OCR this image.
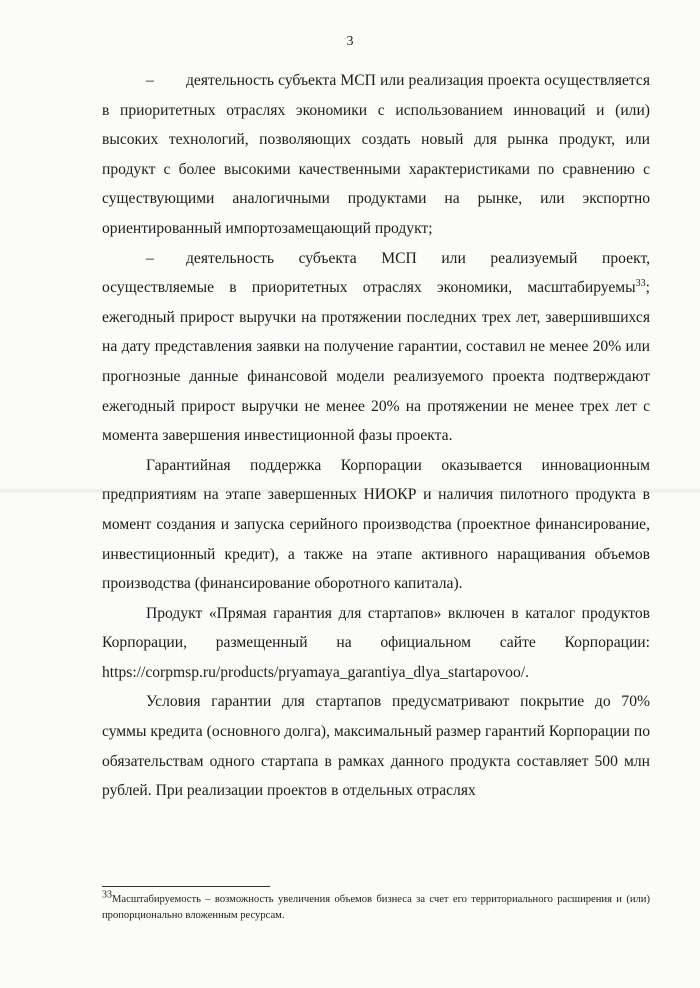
3

– деятельность субъекта МСП или реализация проекта осуществляется в приоритетных отраслях экономики с использованием инноваций и (или) высоких технологий, позволяющих создать новый для рынка продукт, или продукт с более высокими качественными характеристиками по сравнению с существующими аналогичными продуктами на рынке, или экспортно ориентированный импортозамещающий продукт;

– деятельность субъекта МСП или реализуемый проект, осуществляемые в приоритетных отраслях экономики, масштабируемы$^{33}$; ежегодный прирост выручки на протяжении последних трех лет, завершившихся на дату представления заявки на получение гарантии, составил не менее 20% или прогнозные данные финансовой модели реализуемого проекта подтверждают ежегодный прирост выручки не менее 20% на протяжении не менее трех лет с момента завершения инвестиционной фазы проекта.

Гарантийная поддержка Корпорации оказывается инновационным предприятиям на этапе завершенных НИОКР и наличия пилотного продукта в момент создания и запуска серийного производства (проектное финансирование, инвестиционный кредит), а также на этапе активного наращивания объемов производства (финансирование оборотного капитала).

Продукт «Прямая гарантия для стартапов» включен в каталог продуктов Корпорации, размещенный на официальном сайте Корпорации: https://corpmsp.ru/products/pryamaya_garantiya_dlya_startapovoo/.

Условия гарантии для стартапов предусматривают покрытие до 70% суммы кредита (основного долга), максимальный размер гарантий Корпорации по обязательствам одного стартапа в рамках данного продукта составляет 500 млн рублей. При реализации проектов в отдельных отраслях

$^{33}$Масштабируемость – возможность увеличения объемов бизнеса за счет его территориального расширения и (или) пропорционально вложенным ресурсам.
